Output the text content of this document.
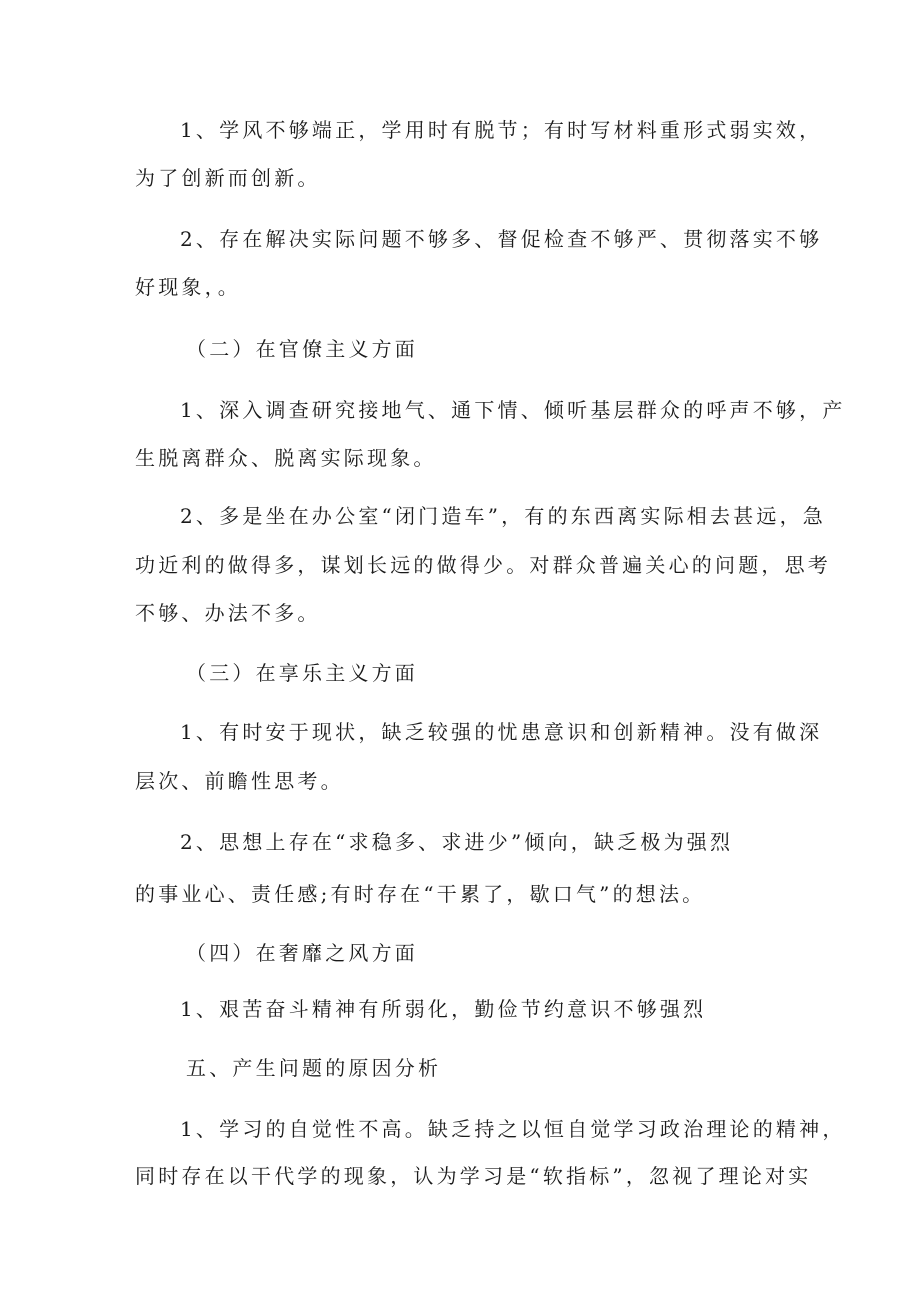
1、学风不够端正，学用时有脱节；有时写材料重形式弱实效，

为了创新而创新。

2、存在解决实际问题不够多、督促检查不够严、贯彻落实不够

好现象，。

（二）在官僚主义方面

1、深入调查研究接地气、通下情、倾听基层群众的呼声不够，产

生脱离群众、脱离实际现象。

2、多是坐在办公室“闭门造车”，有的东西离实际相去甚远，急

功近利的做得多，谋划长远的做得少。对群众普遍关心的问题，思考

不够、办法不多。

（三）在享乐主义方面

1、有时安于现状，缺乏较强的忧患意识和创新精神。没有做深

层次、前瞻性思考。

2、思想上存在“求稳多、求进少”倾向，缺乏极为强烈

的事业心、责任感;有时存在“干累了，歇口气”的想法。

（四）在奢靡之风方面

1、艰苦奋斗精神有所弱化，勤俭节约意识不够强烈

五、产生问题的原因分析

1、学习的自觉性不高。缺乏持之以恒自觉学习政治理论的精神，

同时存在以干代学的现象，认为学习是“软指标”，忽视了理论对实
